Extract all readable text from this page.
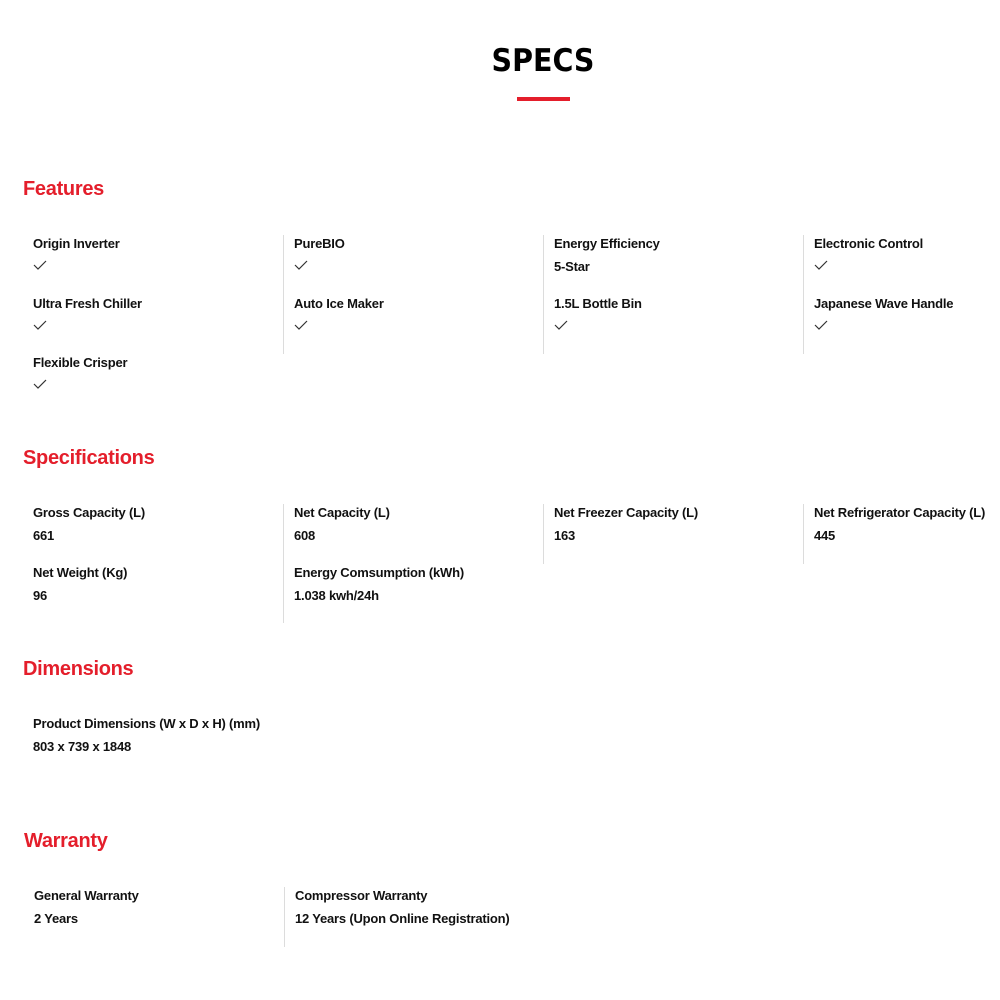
SPECS
Features
Origin Inverter
Ultra Fresh Chiller
Flexible Crisper
PureBIO
Auto Ice Maker
Energy Efficiency
5-Star
1.5L Bottle Bin
Electronic Control
Japanese Wave Handle
Specifications
Gross Capacity (L)
661
Net Weight (Kg)
96
Net Capacity (L)
608
Energy Comsumption (kWh)
1.038 kwh/24h
Net Freezer Capacity (L)
163
Net Refrigerator Capacity (L)
445
Dimensions
Product Dimensions (W x D x H) (mm)
803 x 739 x 1848
Warranty
General Warranty
2 Years
Compressor Warranty
12 Years (Upon Online Registration)
